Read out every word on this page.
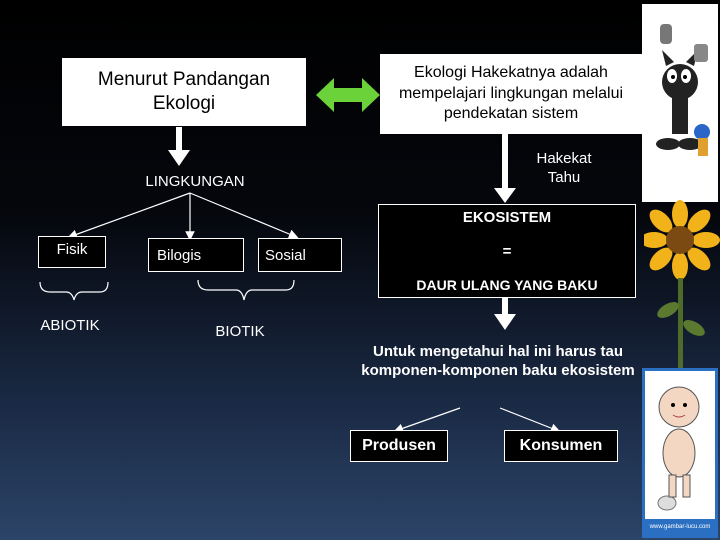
Menurut Pandangan Ekologi
Ekologi Hakekatnya adalah mempelajari lingkungan melalui pendekatan sistem
LINGKUNGAN
Hakekat Tahu
EKOSISTEM
=
DAUR ULANG YANG BAKU
Fisik	Bilogis	Sosial
ABIOTIK	BIOTIK
Untuk mengetahui hal ini harus tau komponen-komponen baku ekosistem
Produsen	Konsumen
www.gambar-lucu.com
